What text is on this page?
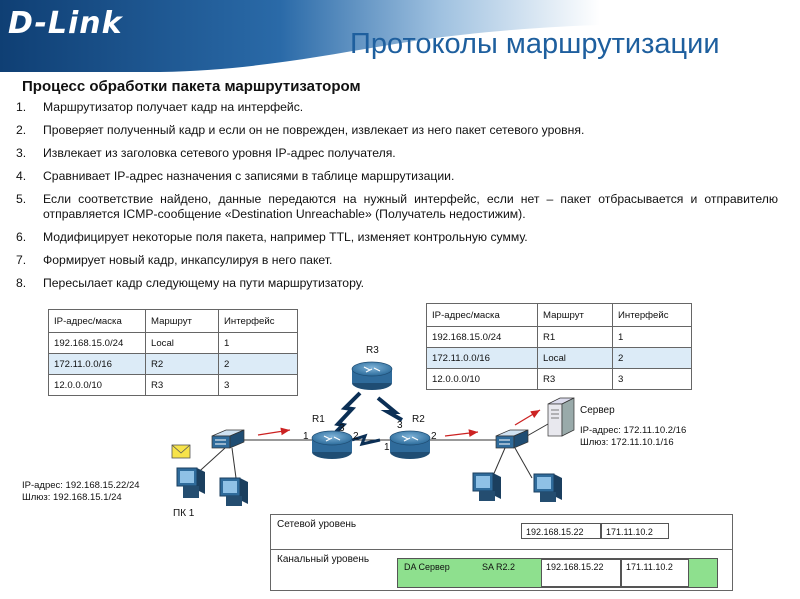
D-Link
Протоколы маршрутизации
Процесс обработки пакета маршрутизатором
1. Маршрутизатор получает кадр на интерфейс.
2. Проверяет полученный кадр и если он не поврежден, извлекает из него пакет сетевого уровня.
3. Извлекает из заголовка сетевого уровня IP-адрес получателя.
4. Сравнивает IP-адрес назначения с записями в таблице маршрутизации.
5. Если соответствие найдено, данные передаются на нужный интерфейс, если нет – пакет отбрасывается и отправителю отправляется ICMP-сообщение «Destination Unreachable» (Получатель недостижим).
6. Модифицирует некоторые поля пакета, например TTL, изменяет контрольную сумму.
7. Формирует новый кадр, инкапсулируя в него пакет.
8. Пересылает кадр следующему на пути маршрутизатору.
IP-адрес/маска	Маршрут	Интерфейс
192.168.15.0/24	Local	1
172.11.0.0/16	R2	2
12.0.0.0/10	R3	3
IP-адрес/маска	Маршрут	Интерфейс
192.168.15.0/24	R1	1
172.11.0.0/16	Local	2
12.0.0.0/10	R3	3
R3
R1	R2
3
1	2
3
1
2
Сервер
IP-адрес: 172.11.10.2/16
Шлюз: 172.11.10.1/16
IP-адрес: 192.168.15.22/24
Шлюз: 192.168.15.1/24
ПК 1
Сетевой уровень
192.168.15.22	171.11.10.2
Канальный уровень
DA Сервер	SA R2.2	192.168.15.22	171.11.10.2
